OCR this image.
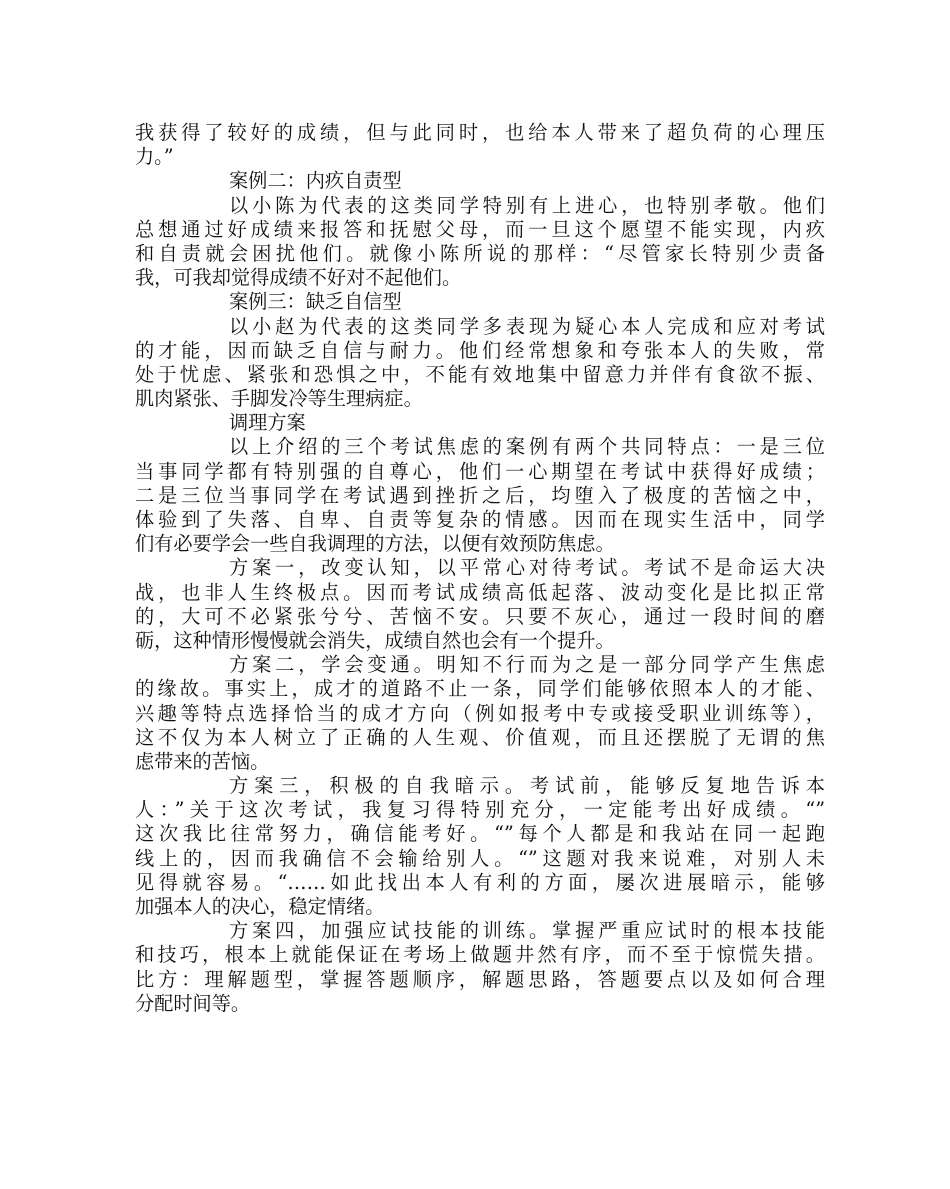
我获得了较好的成绩，但与此同时，也给本人带来了超负荷的心理压
力。”
案例二：内疚自责型
以小陈为代表的这类同学特别有上进心，也特别孝敬。他们
总想通过好成绩来报答和抚慰父母，而一旦这个愿望不能实现，内疚
和自责就会困扰他们。就像小陈所说的那样：“尽管家长特别少责备
我，可我却觉得成绩不好对不起他们。
案例三：缺乏自信型
以小赵为代表的这类同学多表现为疑心本人完成和应对考试
的才能，因而缺乏自信与耐力。他们经常想象和夸张本人的失败，常
处于忧虑、紧张和恐惧之中，不能有效地集中留意力并伴有食欲不振、
肌肉紧张、手脚发冷等生理病症。
调理方案
以上介绍的三个考试焦虑的案例有两个共同特点：一是三位
当事同学都有特别强的自尊心，他们一心期望在考试中获得好成绩；
二是三位当事同学在考试遇到挫折之后，均堕入了极度的苦恼之中，
体验到了失落、自卑、自责等复杂的情感。因而在现实生活中，同学
们有必要学会一些自我调理的方法，以便有效预防焦虑。
方案一，改变认知，以平常心对待考试。考试不是命运大决
战，也非人生终极点。因而考试成绩高低起落、波动变化是比拟正常
的，大可不必紧张兮兮、苦恼不安。只要不灰心，通过一段时间的磨
砺，这种情形慢慢就会消失，成绩自然也会有一个提升。
方案二，学会变通。明知不行而为之是一部分同学产生焦虑
的缘故。事实上，成才的道路不止一条，同学们能够依照本人的才能、
兴趣等特点选择恰当的成才方向（例如报考中专或接受职业训练等），
这不仅为本人树立了正确的人生观、价值观，而且还摆脱了无谓的焦
虑带来的苦恼。
方案三，积极的自我暗示。考试前，能够反复地告诉本
人：”关于这次考试，我复习得特别充分，一定能考出好成绩。“”
这次我比往常努力，确信能考好。“”每个人都是和我站在同一起跑
线上的，因而我确信不会输给别人。“”这题对我来说难，对别人未
见得就容易。“……如此找出本人有利的方面，屡次进展暗示，能够
加强本人的决心，稳定情绪。
方案四，加强应试技能的训练。掌握严重应试时的根本技能
和技巧，根本上就能保证在考场上做题井然有序，而不至于惊慌失措。
比方：理解题型，掌握答题顺序，解题思路，答题要点以及如何合理
分配时间等。
